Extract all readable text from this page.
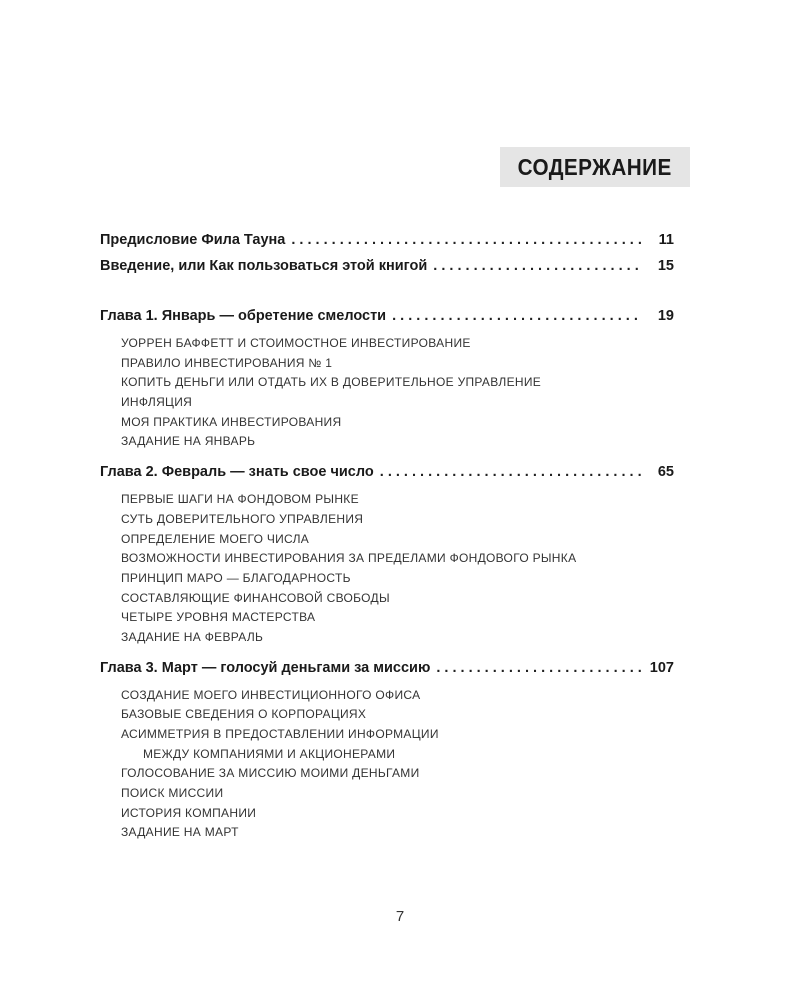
СОДЕРЖАНИЕ
Предисловие Фила Тауна . . .	11
Введение, или Как пользоваться этой книгой . . .	15
Глава 1. Январь — обретение смелости . . .	19
УОРРЕН БАФФЕТТ И СТОИМОСТНОЕ ИНВЕСТИРОВАНИЕ
ПРАВИЛО ИНВЕСТИРОВАНИЯ № 1
КОПИТЬ ДЕНЬГИ ИЛИ ОТДАТЬ ИХ В ДОВЕРИТЕЛЬНОЕ УПРАВЛЕНИЕ
ИНФЛЯЦИЯ
МОЯ ПРАКТИКА ИНВЕСТИРОВАНИЯ
ЗАДАНИЕ НА ЯНВАРЬ
Глава 2. Февраль — знать свое число . . .	65
ПЕРВЫЕ ШАГИ НА ФОНДОВОМ РЫНКЕ
СУТЬ ДОВЕРИТЕЛЬНОГО УПРАВЛЕНИЯ
ОПРЕДЕЛЕНИЕ МОЕГО ЧИСЛА
ВОЗМОЖНОСТИ ИНВЕСТИРОВАНИЯ ЗА ПРЕДЕЛАМИ ФОНДОВОГО РЫНКА
ПРИНЦИП МАРО — БЛАГОДАРНОСТЬ
СОСТАВЛЯЮЩИЕ ФИНАНСОВОЙ СВОБОДЫ
ЧЕТЫРЕ УРОВНЯ МАСТЕРСТВА
ЗАДАНИЕ НА ФЕВРАЛЬ
Глава 3. Март — голосуй деньгами за миссию . . .	107
СОЗДАНИЕ МОЕГО ИНВЕСТИЦИОННОГО ОФИСА
БАЗОВЫЕ СВЕДЕНИЯ О КОРПОРАЦИЯХ
АСИММЕТРИЯ В ПРЕДОСТАВЛЕНИИ ИНФОРМАЦИИ
МЕЖДУ КОМПАНИЯМИ И АКЦИОНЕРАМИ
ГОЛОСОВАНИЕ ЗА МИССИЮ МОИМИ ДЕНЬГАМИ
ПОИСК МИССИИ
ИСТОРИЯ КОМПАНИИ
ЗАДАНИЕ НА МАРТ
7
